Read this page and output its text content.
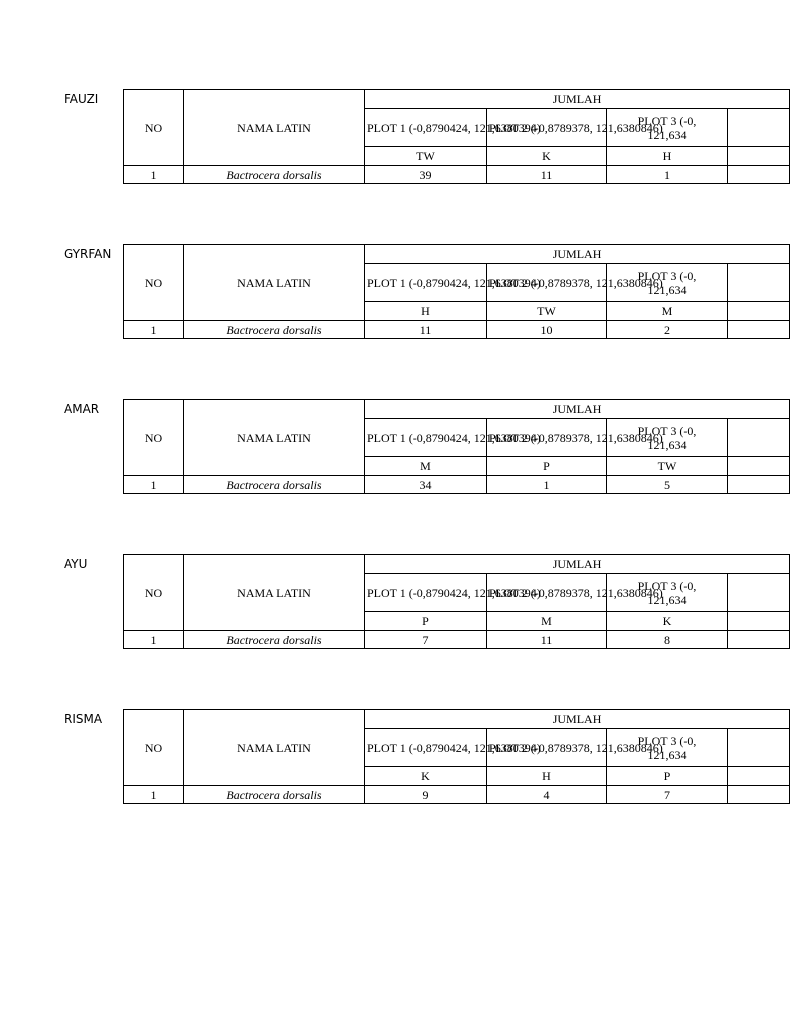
FAUZI
NO	NAMA LATIN	JUMLAH			
		PLOT 1 (-0,8790424, 121,6380394)	PLOT 2 (-0,8789378, 121,6380846)	PLOT 3 (-0,
121,634	
		TW	K	H	
1	Bactrocera dorsalis	39	11	1	
GYRFAN
NO	NAMA LATIN	JUMLAH			
		PLOT 1 (-0,8790424, 121,6380394)	PLOT 2 (-0,8789378, 121,6380846)	PLOT 3 (-0,
121,634	
		H	TW	M	
1	Bactrocera dorsalis	11	10	2	
AMAR
NO	NAMA LATIN	JUMLAH			
		PLOT 1 (-0,8790424, 121,6380394)	PLOT 2 (-0,8789378, 121,6380846)	PLOT 3 (-0,
121,634	
		M	P	TW	
1	Bactrocera dorsalis	34	1	5	
AYU
NO	NAMA LATIN	JUMLAH			
		PLOT 1 (-0,8790424, 121,6380394)	PLOT 2 (-0,8789378, 121,6380846)	PLOT 3 (-0,
121,634	
		P	M	K	
1	Bactrocera dorsalis	7	11	8	
RISMA
NO	NAMA LATIN	JUMLAH			
		PLOT 1 (-0,8790424, 121,6380394)	PLOT 2 (-0,8789378, 121,6380846)	PLOT 3 (-0,
121,634	
		K	H	P	
1	Bactrocera dorsalis	9	4	7	
